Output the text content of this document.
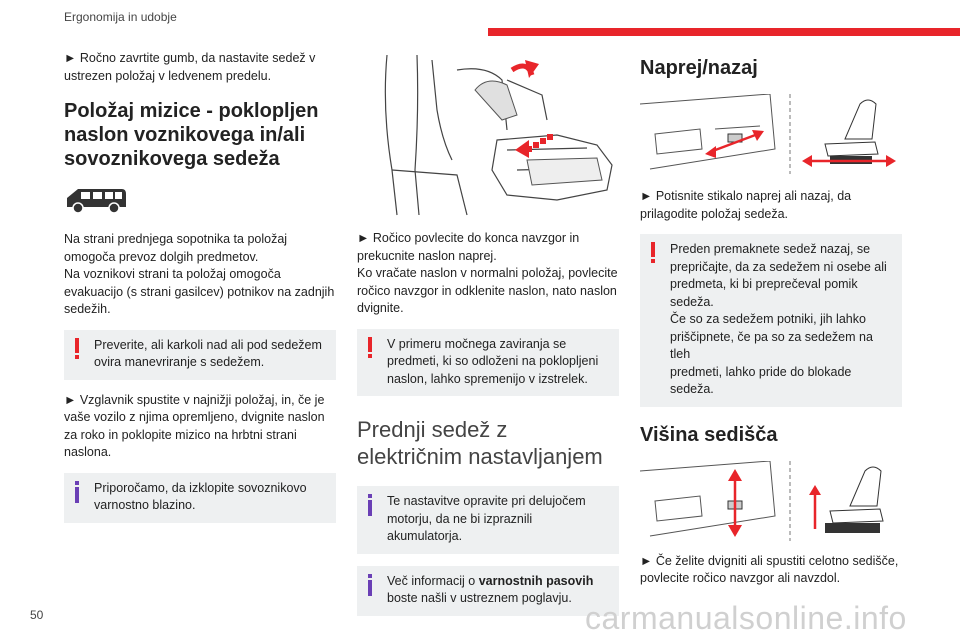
Ergonomija in udobje

► Ročno zavrtite gumb, da nastavite sedež v
ustrezen položaj v ledvenem predelu.

Položaj mizice - poklopljen
naslon voznikovega in/ali
sovoznikovega sedeža

Na strani prednjega sopotnika ta položaj
omogoča prevoz dolgih predmetov.
Na voznikovi strani ta položaj omogoča
evakuacijo (s strani gasilcev) potnikov na zadnjih
sedežih.

Preverite, ali karkoli nad ali pod sedežem
ovira manevriranje s sedežem.

► Vzglavnik spustite v najnižji položaj, in, če je
vaše vozilo z njima opremljeno, dvignite naslon
za roko in poklopite mizico na hrbtni strani
naslona.

Priporočamo, da izklopite sovoznikovo
varnostno blazino.

► Ročico povlecite do konca navzgor in
prekucnite naslon naprej.
Ko vračate naslon v normalni položaj, povlecite
ročico navzgor in odklenite naslon, nato naslon
dvignite.

V primeru močnega zaviranja se
predmeti, ki so odloženi na poklopljeni
naslon, lahko spremenijo v izstrelek.
Prednji sedež z
električnim nastavljanjem
Te nastavitve opravite pri delujočem
motorju, da ne bi izpraznili akumulatorja.
Več informacij o varnostnih pasovih
boste našli v ustreznem poglavju.
Naprej/nazaj

► Potisnite stikalo naprej ali nazaj, da
prilagodite položaj sedeža.

Preden premaknete sedež nazaj, se
prepričajte, da za sedežem ni osebe ali
predmeta, ki bi preprečeval pomik sedeža.
Če so za sedežem potniki, jih lahko
priščipnete, če pa so za sedežem na tleh
predmeti, lahko pride do blokade sedeža.
Višina sedišča

► Če želite dvigniti ali spustiti celotno sedišče,
povlecite ročico navzgor ali navzdol.

50	carmanualsonline.info
